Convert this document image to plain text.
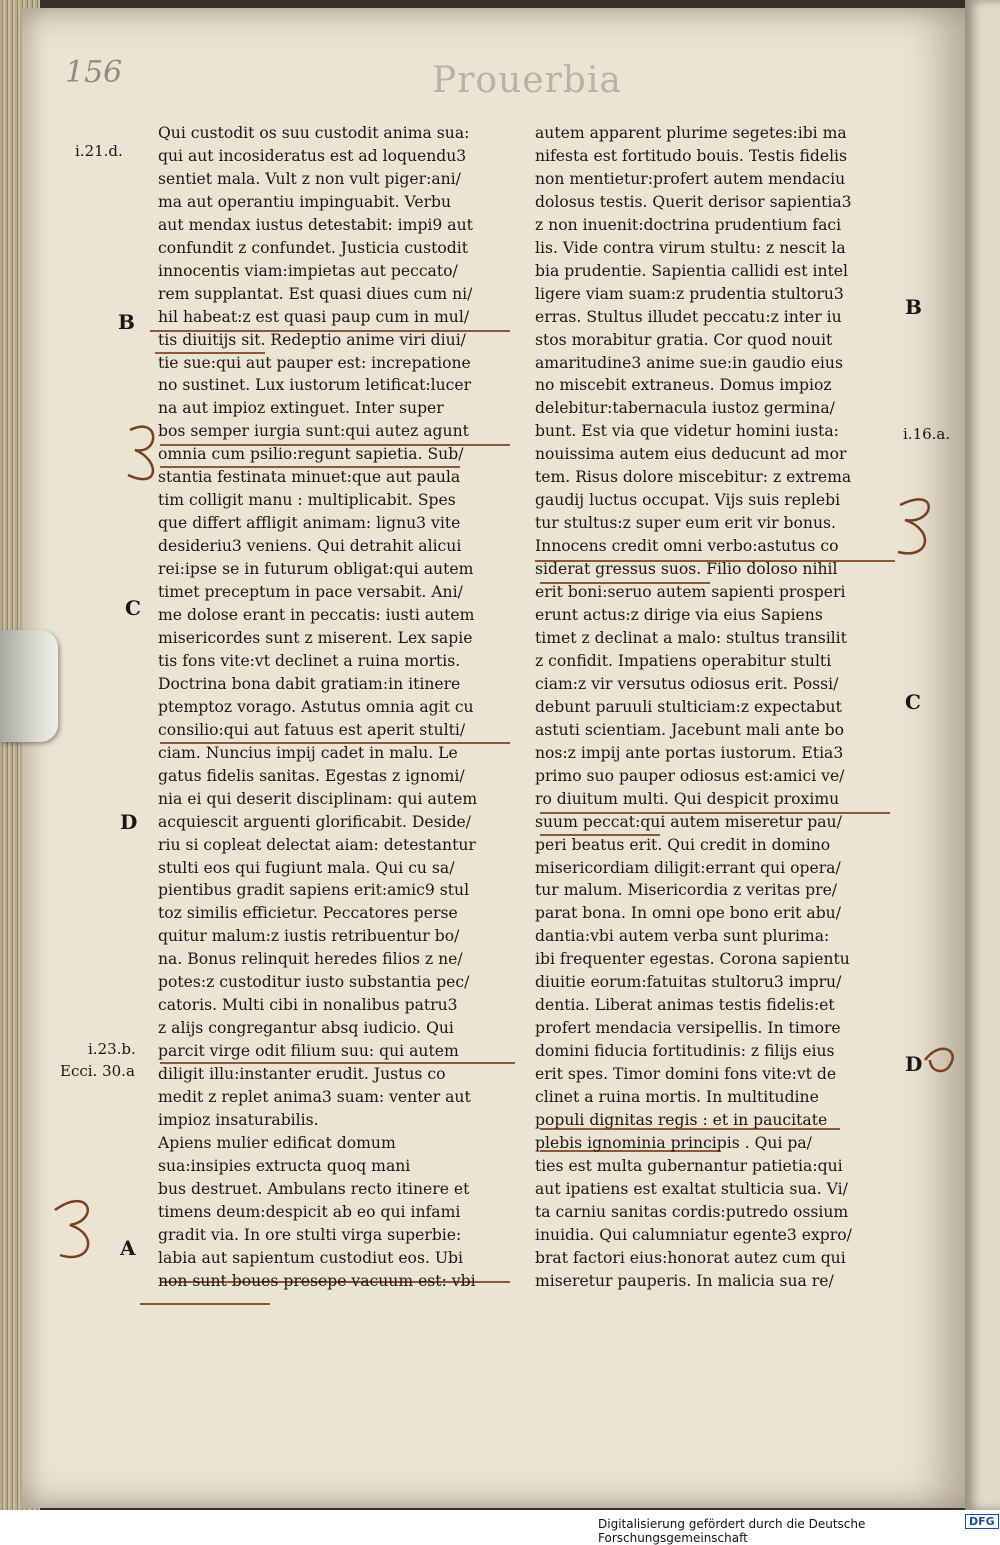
Prouerbia
156
i.21.d.
B
C
D
i.23.b.
Ecci. 30.a
A
B
i.16.a.
C
D
Qui custodit os suu custodit anima sua:
qui aut incosideratus est ad loquendu3
sentiet mala. Vult z non vult piger:ani/
ma aut operantiu impinguabit. Verbu
aut mendax iustus detestabit: impi9 aut
confundit z confundet. Justicia custodit
innocentis viam:impietas aut peccato/
rem supplantat. Est quasi diues cum ni/
hil habeat:z est quasi paup cum in mul/
tis diuitijs sit. Redeptio anime viri diui/
tie sue:qui aut pauper est: increpatione
no sustinet. Lux iustorum letificat:lucer
na aut impioz extinguet. Inter super
bos semper iurgia sunt:qui autez agunt
omnia cum psilio:regunt sapietia. Sub/
stantia festinata minuet:que aut paula
tim colligit manu : multiplicabit. Spes
que differt affligit animam: lignu3 vite
desideriu3 veniens. Qui detrahit alicui
rei:ipse se in futurum obligat:qui autem
timet preceptum in pace versabit. Ani/
me dolose erant in peccatis: iusti autem
misericordes sunt z miserent. Lex sapie
tis fons vite:vt declinet a ruina mortis.
Doctrina bona dabit gratiam:in itinere
ptemptoz vorago. Astutus omnia agit cu
consilio:qui aut fatuus est aperit stulti/
ciam. Nuncius impij cadet in malu. Le
gatus fidelis sanitas. Egestas z ignomi/
nia ei qui deserit disciplinam: qui autem
acquiescit arguenti glorificabit. Deside/
riu si copleat delectat aiam: detestantur
stulti eos qui fugiunt mala. Qui cu sa/
pientibus gradit sapiens erit:amic9 stul
toz similis efficietur. Peccatores perse
quitur malum:z iustis retribuentur bo/
na. Bonus relinquit heredes filios z ne/
potes:z custoditur iusto substantia pec/
catoris. Multi cibi in nonalibus patru3
z alijs congregantur absq iudicio. Qui
parcit virge odit filium suu: qui autem
diligit illu:instanter erudit. Justus co
medit z replet anima3 suam: venter aut
impioz insaturabilis.
Apiens mulier edificat domum
sua:insipies extructa quoq mani
bus destruet. Ambulans recto itinere et
timens deum:despicit ab eo qui infami
gradit via. In ore stulti virga superbie:
labia aut sapientum custodiut eos. Ubi
non sunt boues presepe vacuum est: vbi
autem apparent plurime segetes:ibi ma
nifesta est fortitudo bouis. Testis fidelis
non mentietur:profert autem mendaciu
dolosus testis. Querit derisor sapientia3
z non inuenit:doctrina prudentium faci
lis. Vide contra virum stultu: z nescit la
bia prudentie. Sapientia callidi est intel
ligere viam suam:z prudentia stultoru3
erras. Stultus illudet peccatu:z inter iu
stos morabitur gratia. Cor quod nouit
amaritudine3 anime sue:in gaudio eius
no miscebit extraneus. Domus impioz
delebitur:tabernacula iustoz germina/
bunt. Est via que videtur homini iusta:
nouissima autem eius deducunt ad mor
tem. Risus dolore miscebitur: z extrema
gaudij luctus occupat. Vijs suis replebi
tur stultus:z super eum erit vir bonus.
Innocens credit omni verbo:astutus co
siderat gressus suos. Filio doloso nihil
erit boni:seruo autem sapienti prosperi
erunt actus:z dirige via eius Sapiens
timet z declinat a malo: stultus transilit
z confidit. Impatiens operabitur stulti
ciam:z vir versutus odiosus erit. Possi/
debunt paruuli stulticiam:z expectabut
astuti scientiam. Jacebunt mali ante bo
nos:z impij ante portas iustorum. Etia3
primo suo pauper odiosus est:amici ve/
ro diuitum multi. Qui despicit proximu
suum peccat:qui autem miseretur pau/
peri beatus erit. Qui credit in domino
misericordiam diligit:errant qui opera/
tur malum. Misericordia z veritas pre/
parat bona. In omni ope bono erit abu/
dantia:vbi autem verba sunt plurima:
ibi frequenter egestas. Corona sapientu
diuitie eorum:fatuitas stultoru3 impru/
dentia. Liberat animas testis fidelis:et
profert mendacia versipellis. In timore
domini fiducia fortitudinis: z filijs eius
erit spes. Timor domini fons vite:vt de
clinet a ruina mortis. In multitudine
populi dignitas regis : et in paucitate
plebis ignominia principis . Qui pa/
ties est multa gubernantur patietia:qui
aut ipatiens est exaltat stulticia sua. Vi/
ta carniu sanitas cordis:putredo ossium
inuidia. Qui calumniatur egente3 expro/
brat factori eius:honorat autez cum qui
miseretur pauperis. In malicia sua re/
Digitalisierung gefördert durch die Deutsche Forschungsgemeinschaft
DFG
